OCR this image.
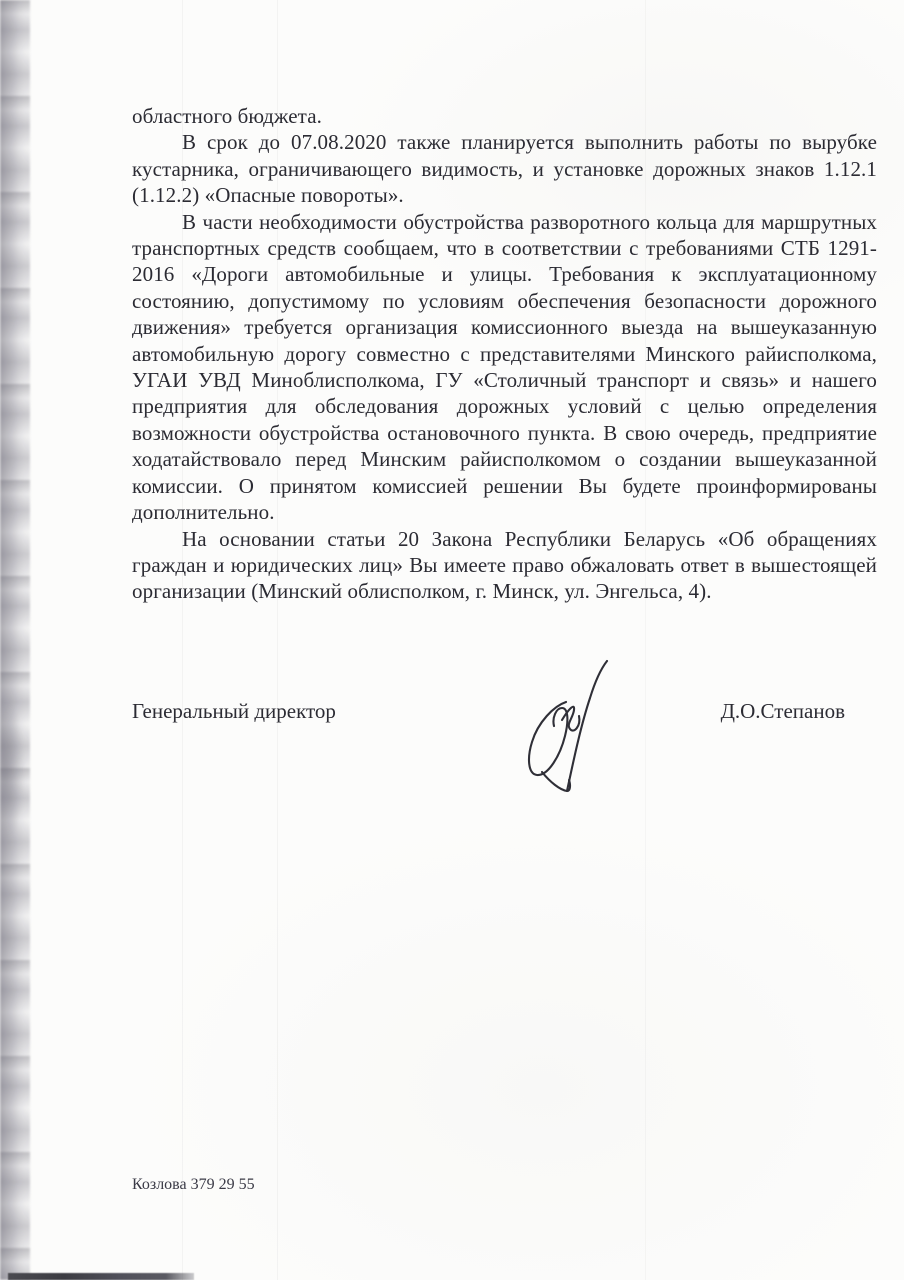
областного бюджета.

В срок до 07.08.2020 также планируется выполнить работы по вырубке кустарника, ограничивающего видимость, и установке дорожных знаков 1.12.1 (1.12.2) «Опасные повороты».

В части необходимости обустройства разворотного кольца для маршрутных транспортных средств сообщаем, что в соответствии с требованиями СТБ 1291-2016 «Дороги автомобильные и улицы. Требования к эксплуатационному состоянию, допустимому по условиям обеспечения безопасности дорожного движения» требуется организация комиссионного выезда на вышеуказанную автомобильную дорогу совместно с представителями Минского райисполкома, УГАИ УВД Миноблисполкома, ГУ «Столичный транспорт и связь» и нашего предприятия для обследования дорожных условий с целью определения возможности обустройства остановочного пункта. В свою очередь, предприятие ходатайствовало перед Минским райисполкомом о создании вышеуказанной комиссии. О принятом комиссией решении Вы будете проинформированы дополнительно.

На основании статьи 20 Закона Республики Беларусь «Об обращениях граждан и юридических лиц» Вы имеете право обжаловать ответ в вышестоящей организации (Минский облисполком, г. Минск, ул. Энгельса, 4).

Генеральный директор	Д.О.Степанов
Козлова 379 29 55
